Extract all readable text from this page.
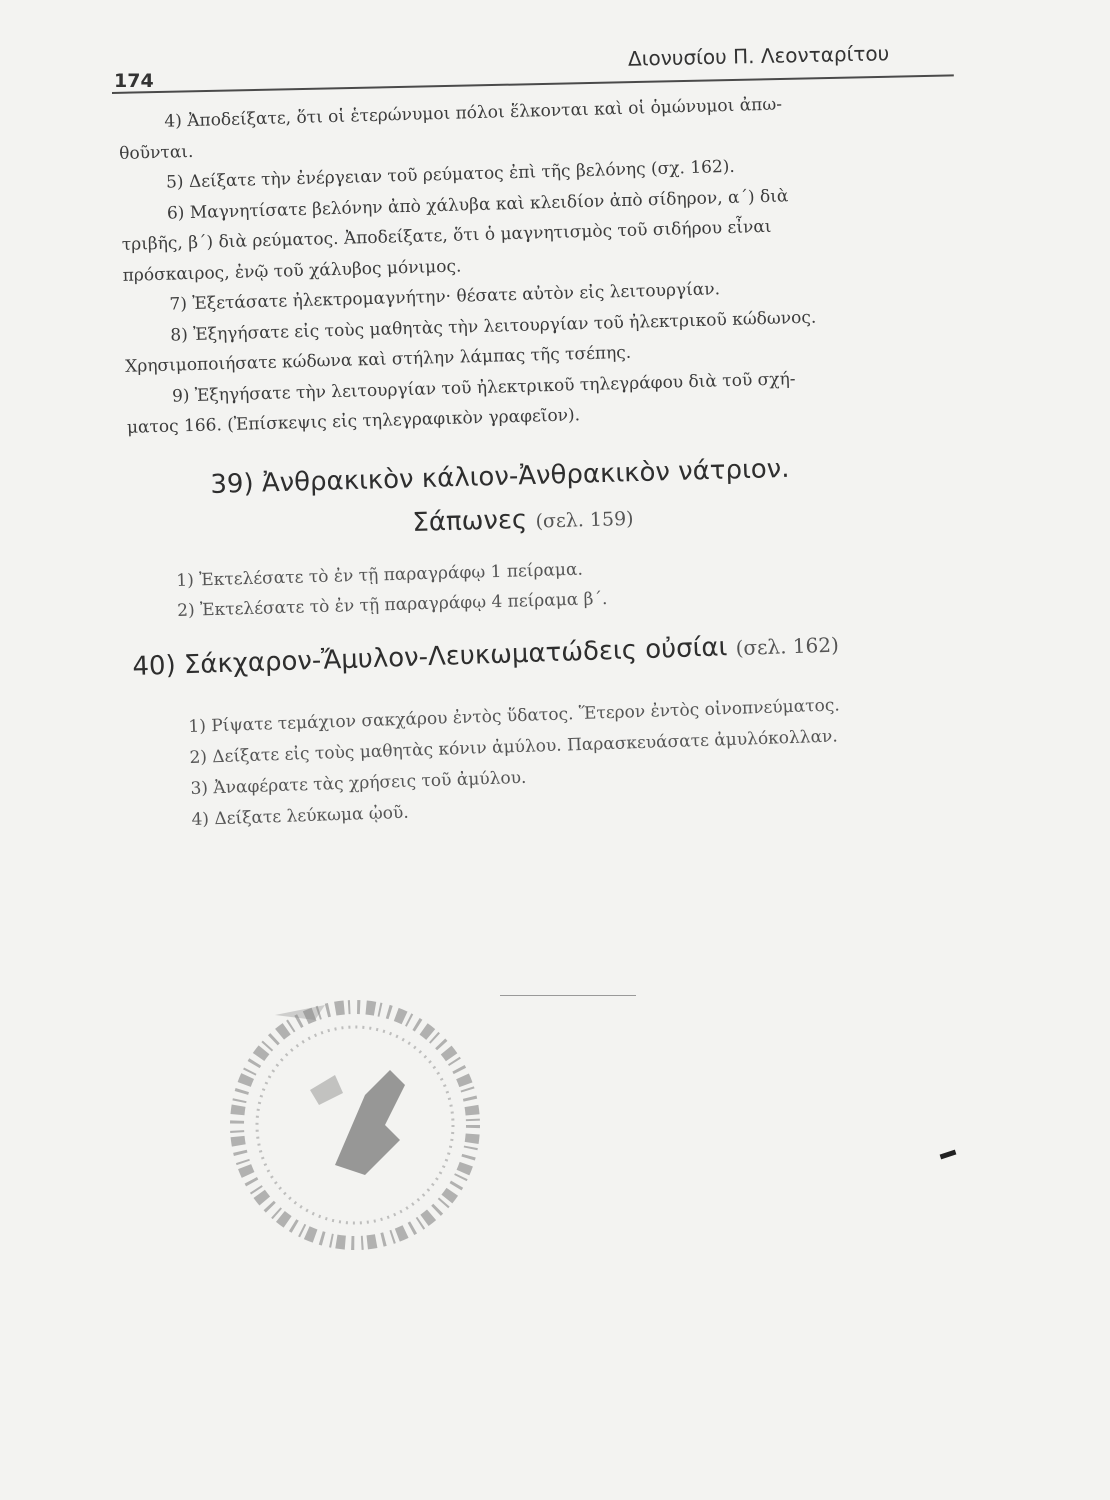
174
Διονυσίου Π. Λεονταρίτου
4) Ἀποδείξατε, ὅτι οἱ ἑτερώνυμοι πόλοι ἕλκονται καὶ οἱ ὁμώνυμοι ἀπω-
θοῦνται.
5) Δείξατε τὴν ἐνέργειαν τοῦ ρεύματος ἐπὶ τῆς βελόνης (σχ. 162).
6) Μαγνητίσατε βελόνην ἀπὸ χάλυβα καὶ κλειδίον ἀπὸ σίδηρον, α΄) διὰ
τριβῆς, β΄) διὰ ρεύματος. Ἀποδείξατε, ὅτι ὁ μαγνητισμὸς τοῦ σιδήρου εἶναι
πρόσκαιρος, ἐνῷ τοῦ χάλυβος μόνιμος.
7) Ἐξετάσατε ἠλεκτρομαγνήτην· θέσατε αὐτὸν εἰς λειτουργίαν.
8) Ἐξηγήσατε εἰς τοὺς μαθητὰς τὴν λειτουργίαν τοῦ ἠλεκτρικοῦ κώδωνος.
Χρησιμοποιήσατε κώδωνα καὶ στήλην λάμπας τῆς τσέπης.
9) Ἐξηγήσατε τὴν λειτουργίαν τοῦ ἠλεκτρικοῦ τηλεγράφου διὰ τοῦ σχή-
ματος 166. (Ἐπίσκεψις εἰς τηλεγραφικὸν γραφεῖον).
39) Ἀνθρακικὸν κάλιον-Ἀνθρακικὸν νάτριον.
Σάπωνες (σελ. 159)
1) Ἐκτελέσατε τὸ ἐν τῇ παραγράφῳ 1 πείραμα.
2) Ἐκτελέσατε τὸ ἐν τῇ παραγράφῳ 4 πείραμα β΄.
40) Σάκχαρον-Ἄμυλον-Λευκωματώδεις οὐσίαι (σελ. 162)
1) Ρίψατε τεμάχιον σακχάρου ἐντὸς ὕδατος. Ἕτερον ἐντὸς οἰνοπνεύματος.
2) Δείξατε εἰς τοὺς μαθητὰς κόνιν ἀμύλου. Παρασκευάσατε ἀμυλόκολλαν.
3) Ἀναφέρατε τὰς χρήσεις τοῦ ἀμύλου.
4) Δείξατε λεύκωμα ᾠοῦ.
